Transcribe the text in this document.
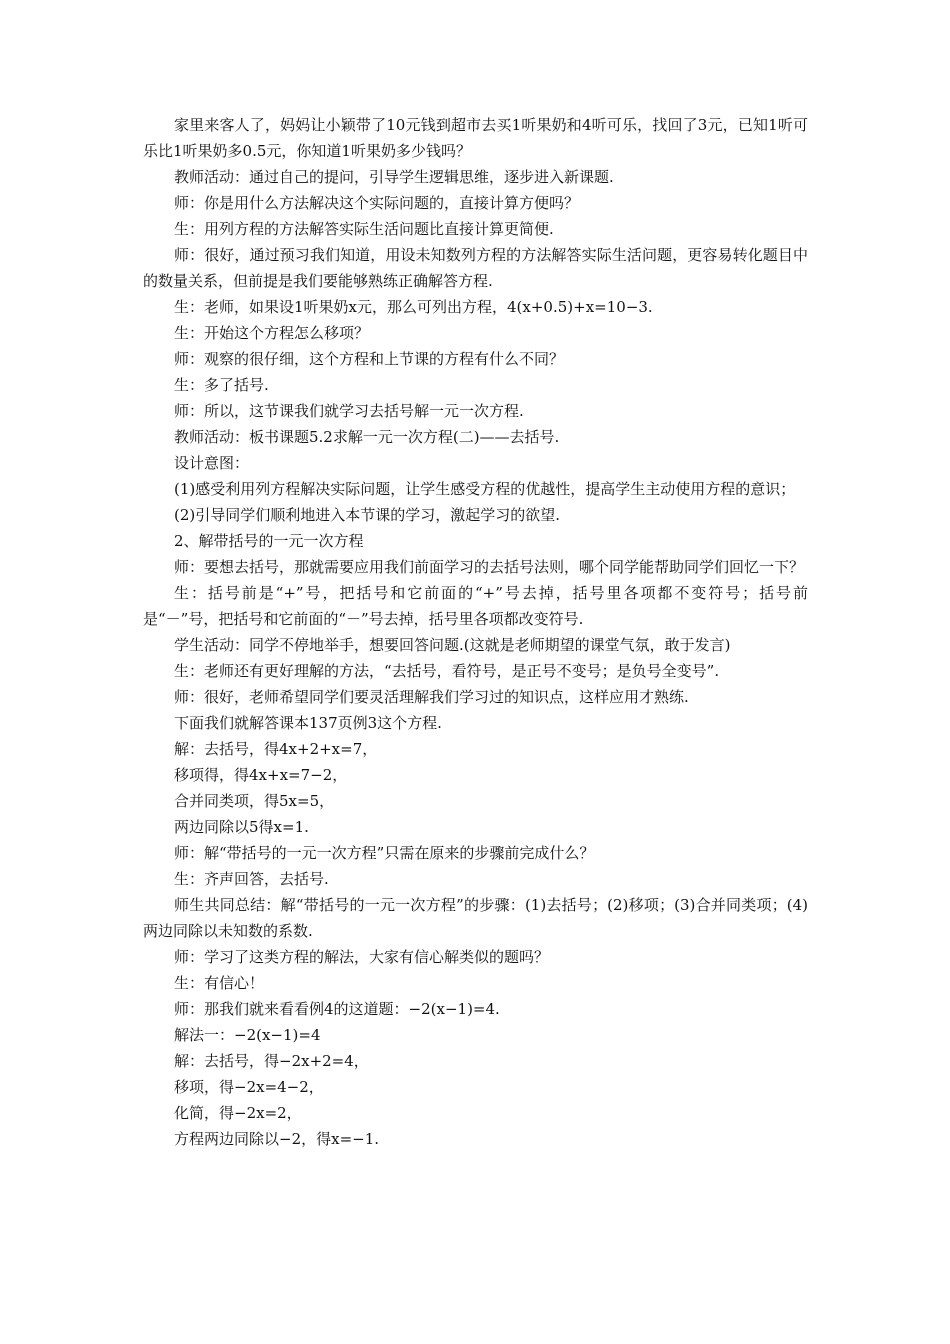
家里来客人了，妈妈让小颖带了10元钱到超市去买1听果奶和4听可乐，找回了3元，已知1听可乐比1听果奶多0.5元，你知道1听果奶多少钱吗？

教师活动：通过自己的提问，引导学生逻辑思维，逐步进入新课题.

师：你是用什么方法解决这个实际问题的，直接计算方便吗？

生：用列方程的方法解答实际生活问题比直接计算更简便.

师：很好，通过预习我们知道，用设未知数列方程的方法解答实际生活问题，更容易转化题目中的数量关系，但前提是我们要能够熟练正确解答方程.

生：老师，如果设1听果奶x元，那么可列出方程，4(x+0.5)+x=10−3.

生：开始这个方程怎么移项？

师：观察的很仔细，这个方程和上节课的方程有什么不同？

生：多了括号.

师：所以，这节课我们就学习去括号解一元一次方程.

教师活动：板书课题5.2求解一元一次方程(二)——去括号.

设计意图：

(1)感受利用列方程解决实际问题，让学生感受方程的优越性，提高学生主动使用方程的意识；

(2)引导同学们顺利地进入本节课的学习，激起学习的欲望.

2、解带括号的一元一次方程

师：要想去括号，那就需要应用我们前面学习的去括号法则，哪个同学能帮助同学们回忆一下？

生：括号前是“+”号，把括号和它前面的“+”号去掉，括号里各项都不变符号；括号前是“－”号，把括号和它前面的“－”号去掉，括号里各项都改变符号.

学生活动：同学不停地举手，想要回答问题.(这就是老师期望的课堂气氛，敢于发言)

生：老师还有更好理解的方法，“去括号，看符号，是正号不变号；是负号全变号”.

师：很好，老师希望同学们要灵活理解我们学习过的知识点，这样应用才熟练.

下面我们就解答课本137页例3这个方程.

解：去括号，得4x+2+x=7，

移项得，得4x+x=7−2，

合并同类项，得5x=5，

两边同除以5得x=1.

师：解“带括号的一元一次方程”只需在原来的步骤前完成什么？

生：齐声回答，去括号.

师生共同总结：解“带括号的一元一次方程”的步骤：(1)去括号；(2)移项；(3)合并同类项；(4)两边同除以未知数的系数.

师：学习了这类方程的解法，大家有信心解类似的题吗？

生：有信心！

师：那我们就来看看例4的这道题：−2(x−1)=4.

解法一：−2(x−1)=4

解：去括号，得−2x+2=4，

移项，得−2x=4−2，

化简，得−2x=2，

方程两边同除以−2，得x=−1.
